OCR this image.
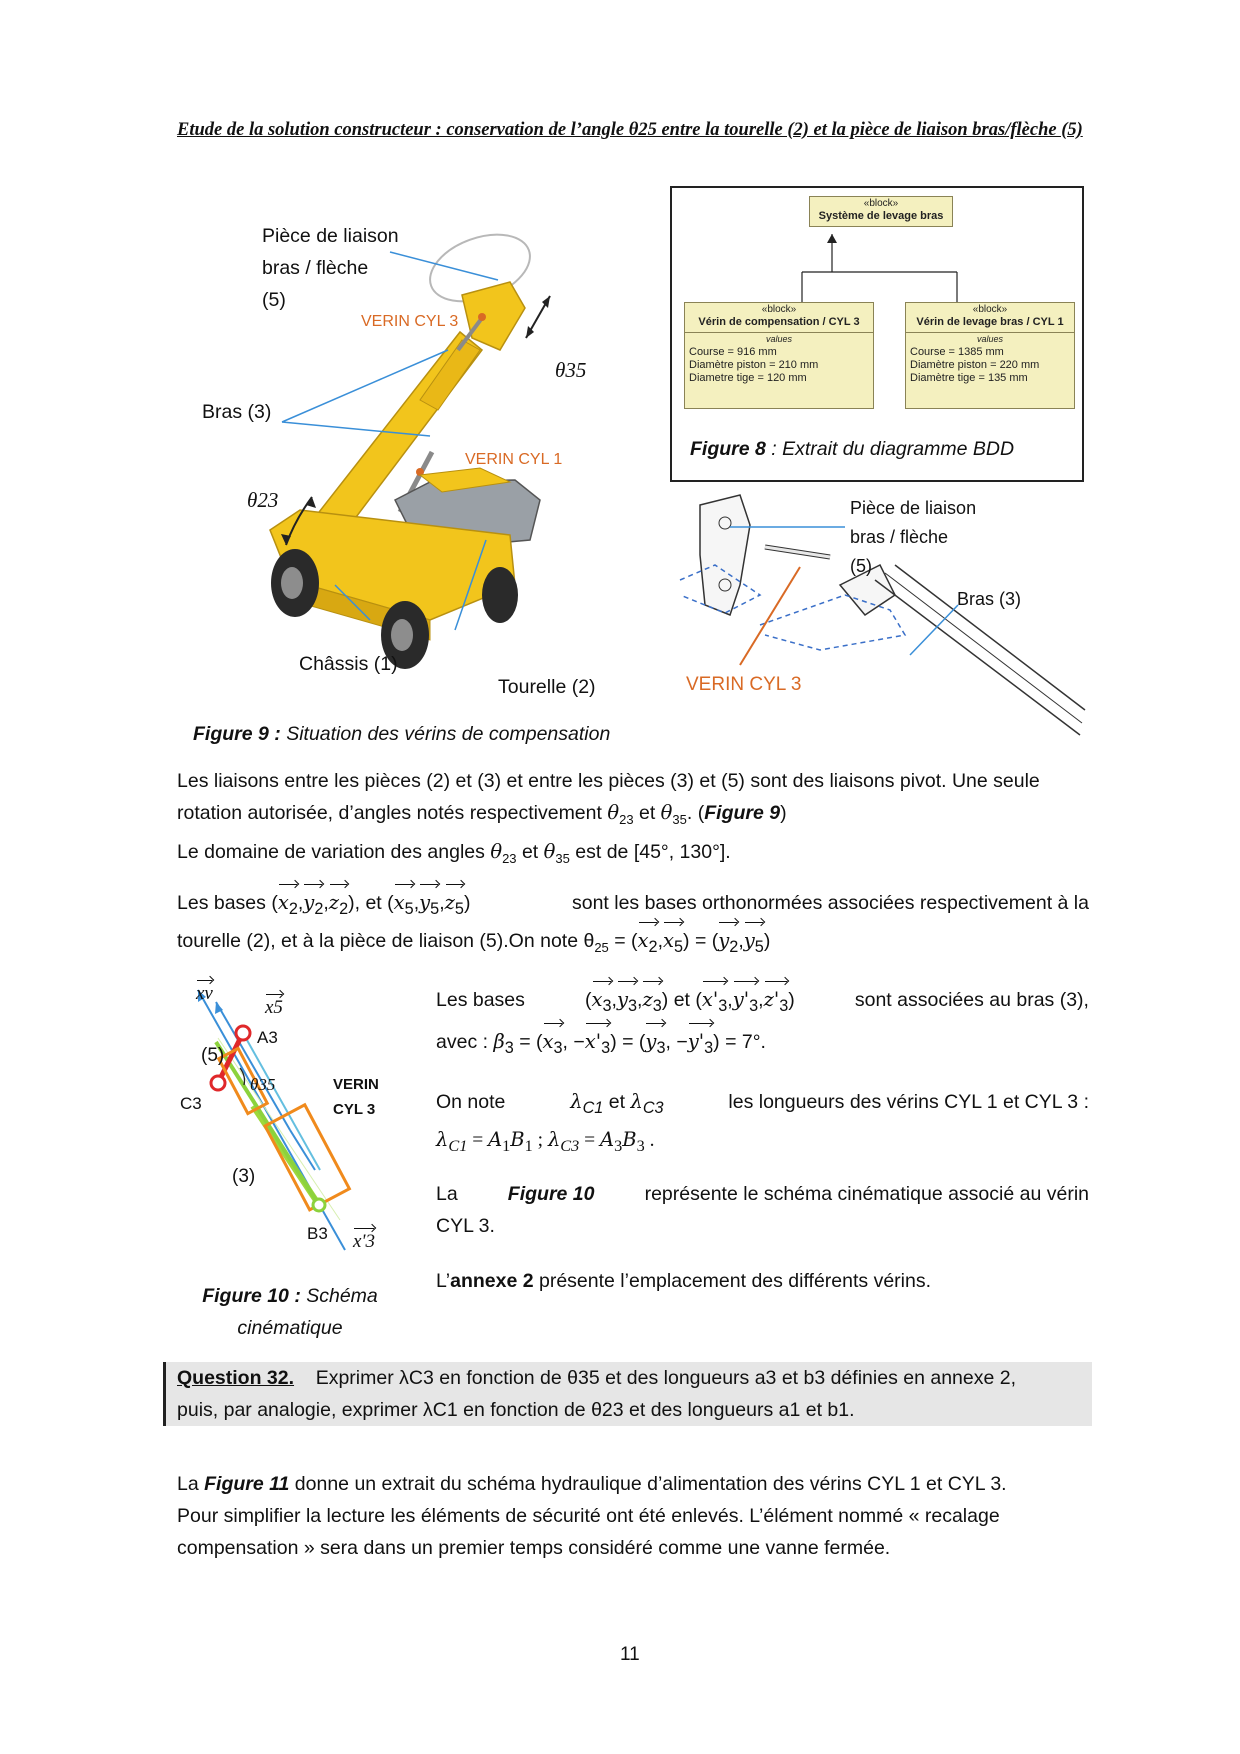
Etude de la solution constructeur : conservation de l’angle θ25 entre la tourelle (2) et la pièce de liaison bras/flèche (5)
Pièce de liaison
bras / flèche
(5)
VERIN CYL 3
Bras (3)
VERIN CYL 1
θ23
θ35
Châssis (1)
Tourelle (2)
«block»
Système de levage bras
«block»
Vérin de compensation / CYL 3
values
Course = 916 mm
Diamètre piston = 210 mm
Diametre tige = 120 mm
«block»
Vérin de levage bras / CYL 1
values
Course = 1385 mm
Diamètre piston = 220 mm
Diamètre tige = 135 mm
Figure 8 : Extrait du diagramme BDD
Pièce de liaison
bras / flèche
(5)
Bras (3)
VERIN CYL 3
Figure 9 : Situation des vérins de compensation
Les liaisons entre les pièces (2) et (3) et entre les pièces (3) et (5) sont des liaisons pivot. Une seule
rotation autorisée, d’angles notés respectivement $\theta_{23}$ et $\theta_{35}$. (Figure 9)
Le domaine de variation des angles $\theta_{23}$ et $\theta_{35}$ est de [45°, 130°].
Les bases $(x_2,y_2,z_2)$, et $(x_5,y_5,z_5)$	sont les bases orthonormées associées respectivement à la
tourelle (2), et à la pièce de liaison (5).On note $\theta_{25} = (x_2,x_5) = (y_2,y_5)$
xv
x5
A3
(5)
C3
θ35	VERIN
CYL 3
(3)
B3 x'3
Figure 10 : Schéma
cinématique
Les bases	$(x_3,y_3,z_3)$ et $(x'_3,y'_3,z'_3)$	sont associées au bras (3),
avec : $\beta_3 = (x_3$, $-x'_3) = (y_3$, $-y'_3) = 7^\circ$.
On note	$\lambda_{C1}$ et $\lambda_{C3}$	les longueurs des vérins CYL 1 et CYL 3 :
$\lambda_{C1} = A_1B_1$ ; $\lambda_{C3} = A_3B_3$ .
La	Figure 10	représente le schéma cinématique associé au vérin
CYL 3.
L’annexe 2 présente l’emplacement des différents vérins.
Question 32. Exprimer λC3 en fonction de θ35 et des longueurs a3 et b3 définies en annexe 2,
puis, par analogie, exprimer λC1 en fonction de θ23 et des longueurs a1 et b1.
La Figure 11 donne un extrait du schéma hydraulique d’alimentation des vérins CYL 1 et CYL 3.
Pour simplifier la lecture les éléments de sécurité ont été enlevés. L’élément nommé « recalage
compensation » sera dans un premier temps considéré comme une vanne fermée.
11
